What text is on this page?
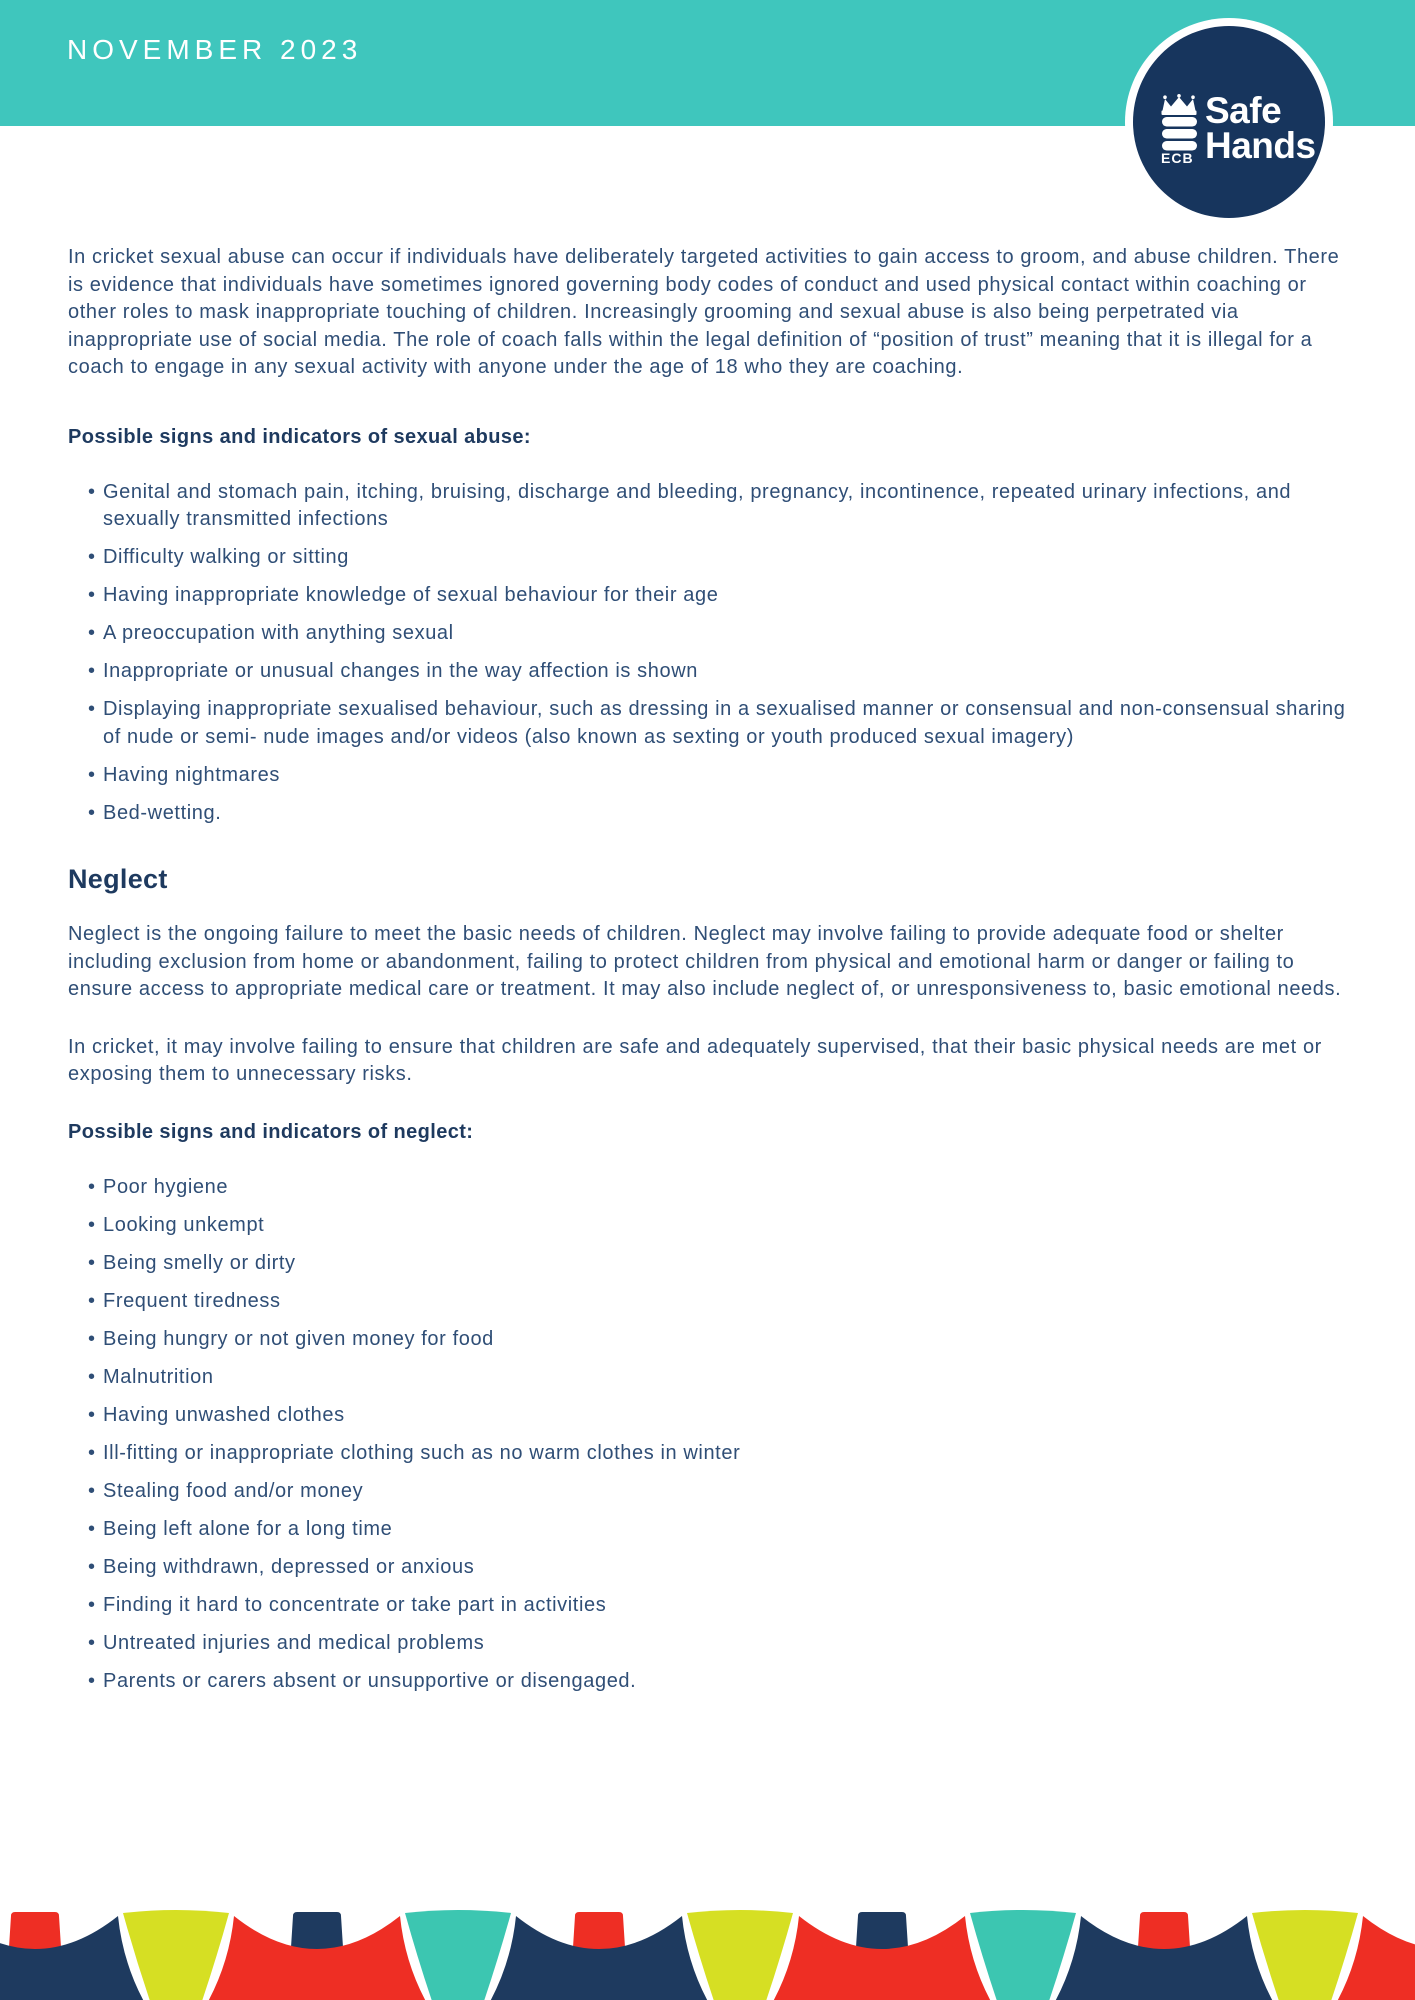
NOVEMBER 2023
ECB
Safe
Hands

In cricket sexual abuse can occur if individuals have deliberately targeted activities to gain access to groom, and abuse children. There is evidence that individuals have sometimes ignored governing body codes of conduct and used physical contact within coaching or other roles to mask inappropriate touching of children. Increasingly grooming and sexual abuse is also being perpetrated via inappropriate use of social media. The role of coach falls within the legal definition of “position of trust” meaning that it is illegal for a coach to engage in any sexual activity with anyone under the age of 18 who they are coaching.

Possible signs and indicators of sexual abuse:
• Genital and stomach pain, itching, bruising, discharge and bleeding, pregnancy, incontinence, repeated urinary infections, and sexually transmitted infections
• Difficulty walking or sitting
• Having inappropriate knowledge of sexual behaviour for their age
• A preoccupation with anything sexual
• Inappropriate or unusual changes in the way affection is shown
• Displaying inappropriate sexualised behaviour, such as dressing in a sexualised manner or consensual and non-consensual sharing of nude or semi- nude images and/or videos (also known as sexting or youth produced sexual imagery)
• Having nightmares
• Bed-wetting.
Neglect

Neglect is the ongoing failure to meet the basic needs of children. Neglect may involve failing to provide adequate food or shelter including exclusion from home or abandonment, failing to protect children from physical and emotional harm or danger or failing to ensure access to appropriate medical care or treatment. It may also include neglect of, or unresponsiveness to, basic emotional needs.

In cricket, it may involve failing to ensure that children are safe and adequately supervised, that their basic physical needs are met or exposing them to unnecessary risks.

Possible signs and indicators of neglect:
• Poor hygiene
• Looking unkempt
• Being smelly or dirty
• Frequent tiredness
• Being hungry or not given money for food
• Malnutrition
• Having unwashed clothes
• Ill-fitting or inappropriate clothing such as no warm clothes in winter
• Stealing food and/or money
• Being left alone for a long time
• Being withdrawn, depressed or anxious
• Finding it hard to concentrate or take part in activities
• Untreated injuries and medical problems
• Parents or carers absent or unsupportive or disengaged.
